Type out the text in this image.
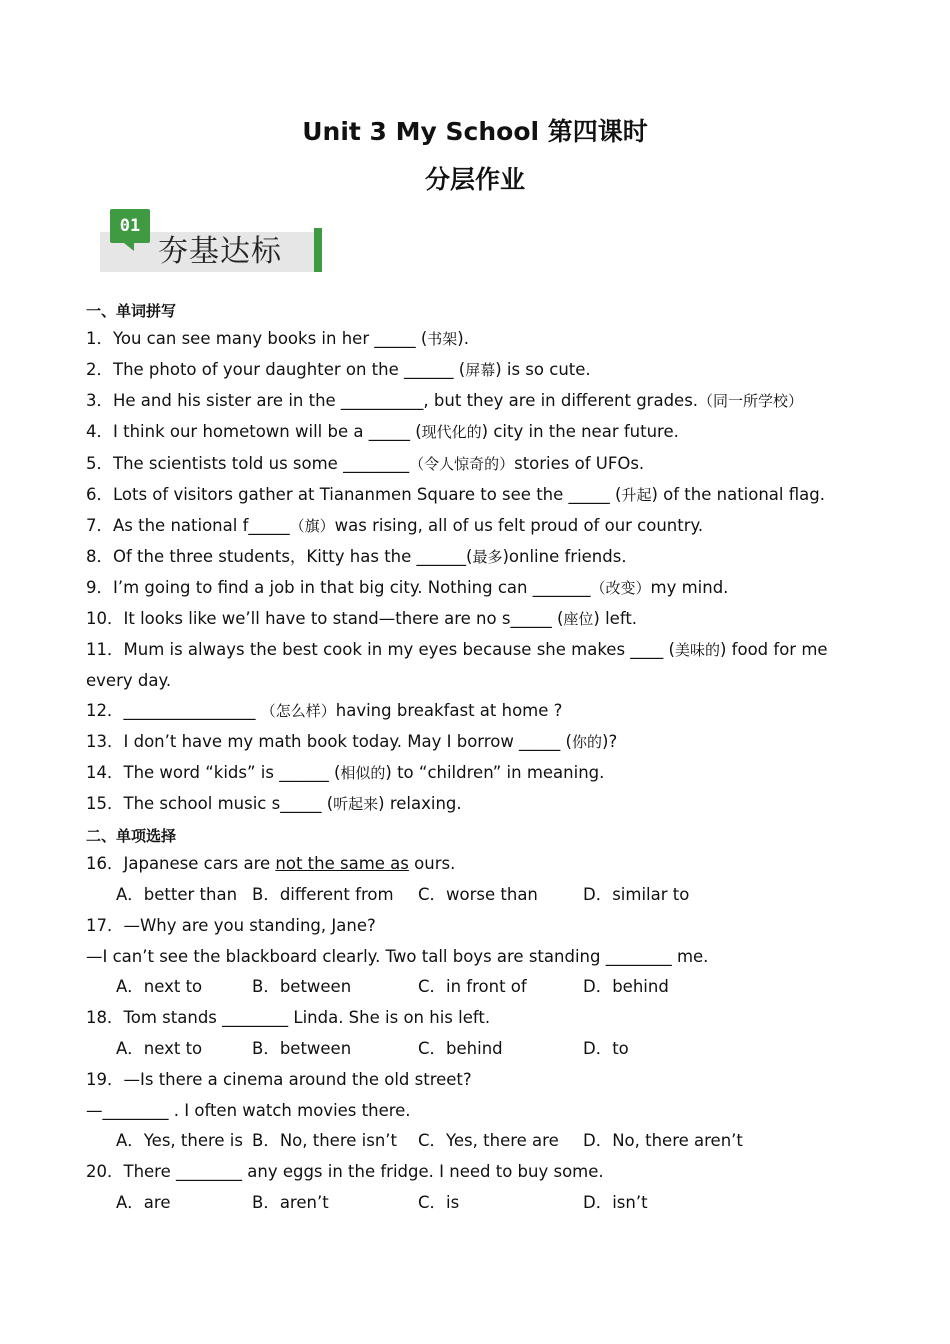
Unit 3 My School 第四课时
分层作业
01
夯基达标
一、单词拼写
1．You can see many books in her _____ (书架).
2．The photo of your daughter on the ______ (屏幕) is so cute.
3．He and his sister are in the __________, but they are in different grades.（同一所学校）
4．I think our hometown will be a _____ (现代化的) city in the near future.
5．The scientists told us some ________（令人惊奇的）stories of UFOs.
6．Lots of visitors gather at Tiananmen Square to see the _____ (升起) of the national flag.
7．As the national f_____（旗）was rising, all of us felt proud of our country.
8．Of the three students，Kitty has the ______(最多)online friends．
9．I’m going to find a job in that big city. Nothing can _______（改变）my mind.
10．It looks like we’ll have to stand—there are no s_____ (座位) left.
11．Mum is always the best cook in my eyes because she makes ____ (美味的) food for me
every day.
12．________________ （怎么样）having breakfast at home ?
13．I don’t have my math book today. May I borrow _____ (你的)?
14．The word “kids” is ______ (相似的) to “children” in meaning.
15．The school music s_____ (听起来) relaxing.
二、单项选择
16．Japanese cars are not the same as ours.
A．better than B．different from C．worse than	D．similar to
17．—Why are you standing, Jane?
—I can’t see the blackboard clearly. Two tall boys are standing ________ me.
A．next to	B．between	C．in front of	D．behind
18．Tom stands ________ Linda. She is on his left.
A．next to	B．between	C．behind	D．to
19．—Is there a cinema around the old street?
—________ . I often watch movies there.
A．Yes, there is B．No, there isn’t C．Yes, there are D．No, there aren’t
20．There ________ any eggs in the fridge. I need to buy some.
A．are	B．aren’t	C．is	D．isn’t
